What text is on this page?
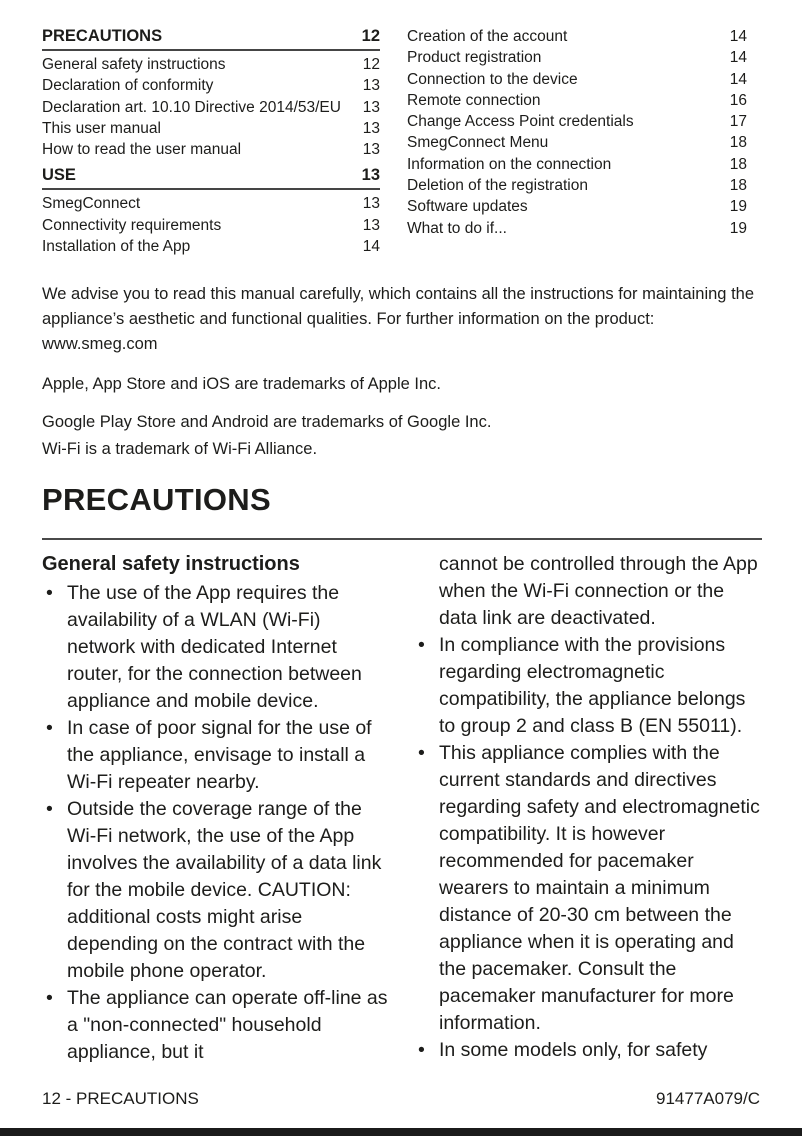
PRECAUTIONS	12
General safety instructions	12
Declaration of conformity	13
Declaration art. 10.10 Directive 2014/53/EU	13
This user manual	13
How to read the user manual	13
USE	13
SmegConnect	13
Connectivity requirements	13
Installation of the App	14
Creation of the account	14
Product registration	14
Connection to the device	14
Remote connection	16
Change Access Point credentials	17
SmegConnect Menu	18
Information on the connection	18
Deletion of the registration	18
Software updates	19
What to do if...	19

We advise you to read this manual carefully, which contains all the instructions for maintaining the appliance’s aesthetic and functional qualities. For further information on the product: www.smeg.com

Apple, App Store and iOS are trademarks of Apple Inc.

Google Play Store and Android are trademarks of Google Inc.

Wi-Fi is a trademark of Wi-Fi Alliance.

PRECAUTIONS
General safety instructions
• The use of the App requires the availability of a WLAN (Wi-Fi) network with dedicated Internet router, for the connection between appliance and mobile device.
• In case of poor signal for the use of the appliance, envisage to install a Wi-Fi repeater nearby.
• Outside the coverage range of the Wi-Fi network, the use of the App involves the availability of a data link for the mobile device. CAUTION: additional costs might arise depending on the contract with the mobile phone operator.
• The appliance can operate off-line as a "non-connected" household appliance, but it

cannot be controlled through the App when the Wi-Fi connection or the data link are deactivated.

• In compliance with the provisions regarding electromagnetic compatibility, the appliance belongs to group 2 and class B (EN 55011).
• This appliance complies with the current standards and directives regarding safety and electromagnetic compatibility. It is however recommended for pacemaker wearers to maintain a minimum distance of 20-30 cm between the appliance when it is operating and the pacemaker. Consult the pacemaker manufacturer for more information.
• In some models only, for safety
12 - PRECAUTIONS	91477A079/C
